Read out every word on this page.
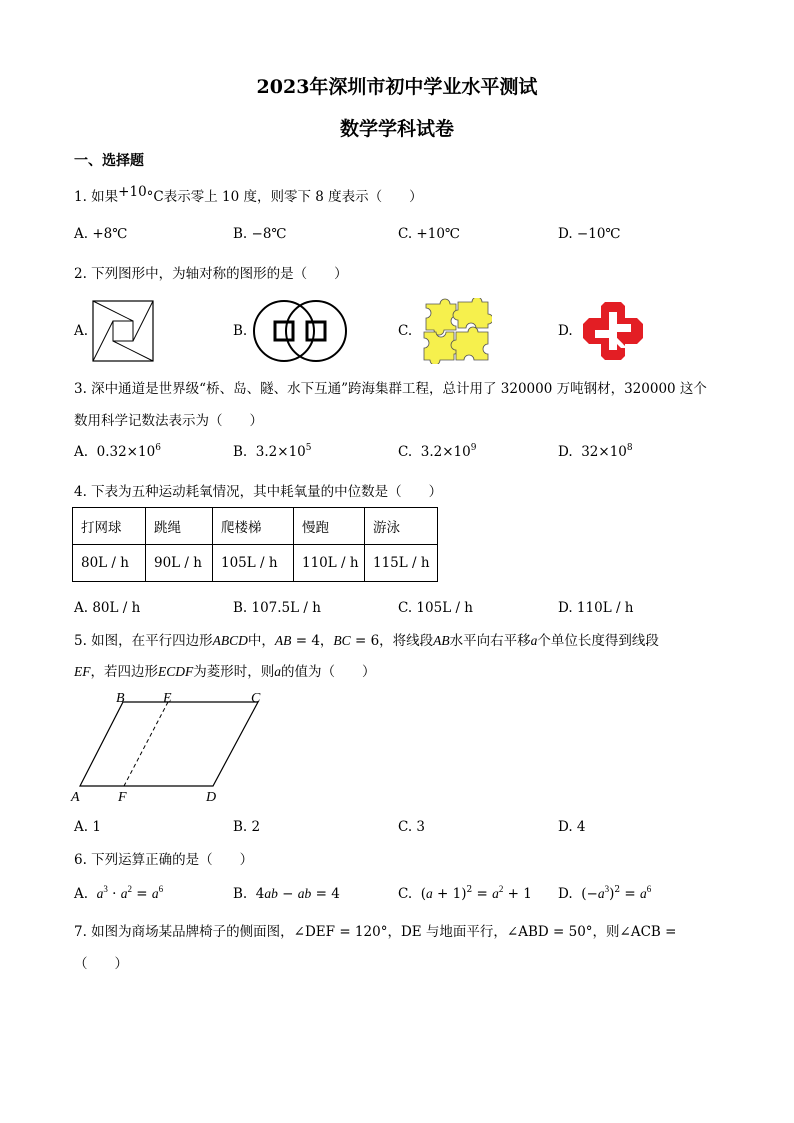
2023年深圳市初中学业水平测试
数学学科试卷
一、选择题
1. 如果+10°C表示零上 10 度，则零下 8 度表示（　　）
A. +8℃	B. −8℃	C. +10℃	D. −10℃
2. 下列图形中，为轴对称的图形的是（　　）
A.	B.	C.	D.
3. 深中通道是世界级“桥、岛、隧、水下互通”跨海集群工程，总计用了 320000 万吨钢材，320000 这个
数用科学记数法表示为（　　）
A.  $0.32\times 10^6$	B.  $3.2\times 10^5$	C.  $3.2\times 10^9$	D.  $32\times 10^8$
4. 下表为五种运动耗氧情况，其中耗氧量的中位数是（　　）
打网球	跳绳	爬楼梯	慢跑	游泳
80L / h	90L / h	105L / h	110L / h	115L / h
A. 80L / h	B. 107.5L / h	C. 105L / h	D. 110L / h
5. 如图，在平行四边形ABCD中，AB = 4，BC = 6，将线段AB水平向右平移a个单位长度得到线段
EF，若四边形ECDF为菱形时，则a的值为（　　）
B	E	C
A	F	D
A. 1	B. 2	C. 3	D. 4
6. 下列运算正确的是（　　）
A. $a^3 \cdot a^2 = a^6$	B.  4ab − ab = 4	C.  $(a + 1)^2 = a^2 + 1$ D.  $(-a^3)^2 = a^6$
7. 如图为商场某品牌椅子的侧面图，∠DEF = 120°，DE 与地面平行，∠ABD = 50°，则∠ACB =
（　　）
